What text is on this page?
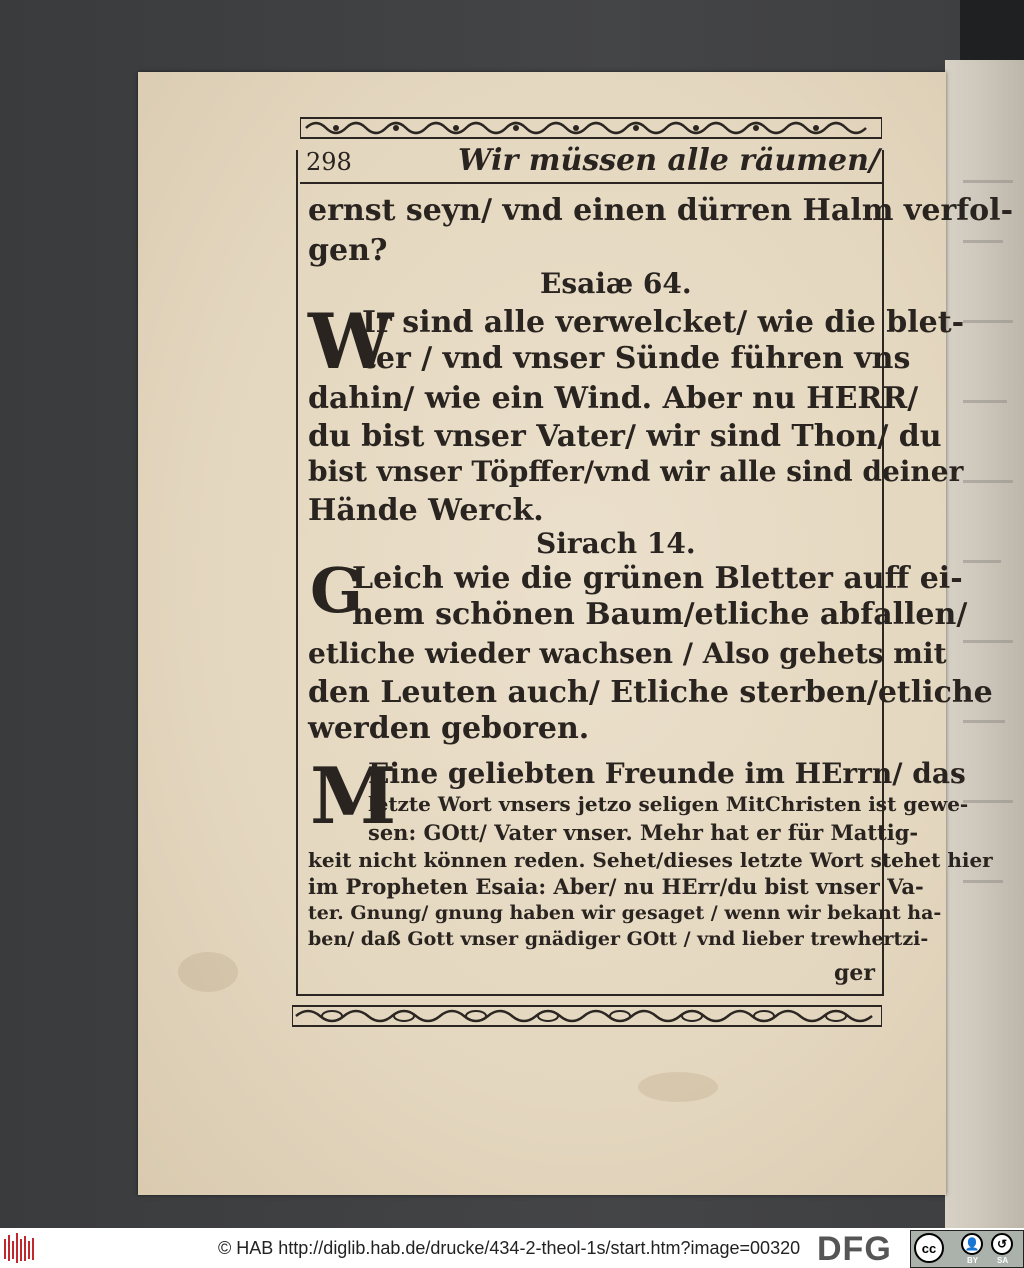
298	Wir müssen alle räumen/
ernst seyn/ vnd einen dürren Halm verfol-
gen?
Esaiæ 64.
W
Ir sind alle verwelcket/ wie die blet-
ter / vnd vnser Sünde führen vns
dahin/ wie ein Wind. Aber nu HERR/
du bist vnser Vater/ wir sind Thon/ du
bist vnser Töpffer/vnd wir alle sind deiner
Hände Werck.
Sirach 14.
G
Leich wie die grünen Bletter auff ei-
nem schönen Baum/etliche abfallen/
etliche wieder wachsen / Also gehets mit
den Leuten auch/ Etliche sterben/etliche
werden geboren.
M
Eine geliebten Freunde im HErrn/ das
letzte Wort vnsers jetzo seligen MitChristen ist gewe-
sen: GOtt/ Vater vnser. Mehr hat er für Mattig-
keit nicht können reden. Sehet/dieses letzte Wort stehet hier
im Propheten Esaia: Aber/ nu HErr/du bist vnser Va-
ter. Gnung/ gnung haben wir gesaget / wenn wir bekant ha-
ben/ daß Gott vnser gnädiger GOtt / vnd lieber trewhertzi-
ger
© HAB http://diglib.hab.de/drucke/434-2-theol-1s/start.htm?image=00320 DFG	cc	👤	↺
BY SA
